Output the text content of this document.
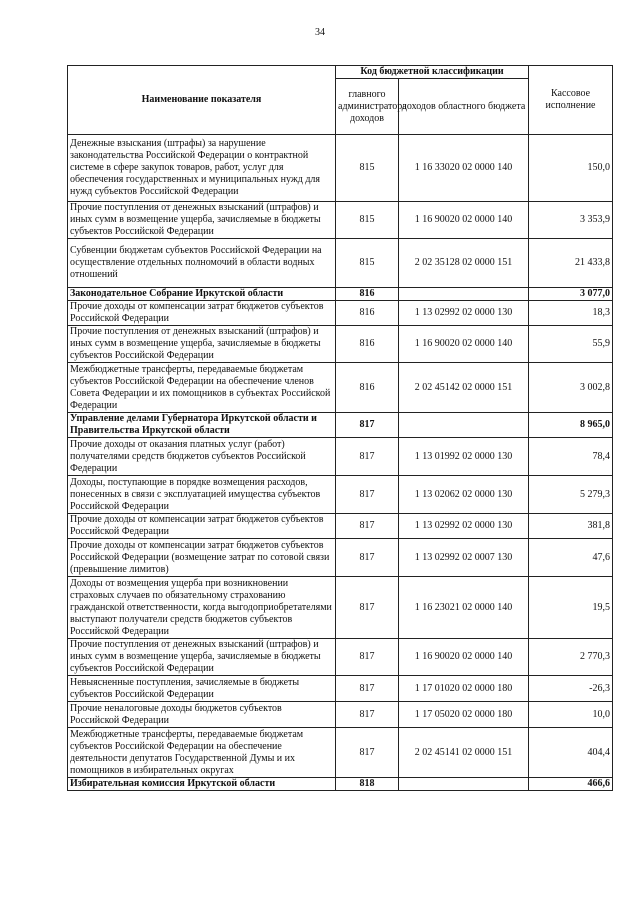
34
Наименование показателя	Код бюджетной классификации		Кассовое исполнение
	главного администратора доходов	доходов областного бюджета	
Денежные взыскания (штрафы) за нарушение законодательства Российской Федерации о контрактной системе в сфере закупок товаров, работ, услуг для обеспечения государственных и муниципальных нужд для нужд субъектов Российской Федерации	815	1 16 33020 02 0000 140	150,0
Прочие поступления от денежных взысканий (штрафов) и иных сумм в возмещение ущерба, зачисляемые в бюджеты субъектов Российской Федерации	815	1 16 90020 02 0000 140	3 353,9
Субвенции бюджетам субъектов Российской Федерации на осуществление отдельных полномочий в области водных отношений	815	2 02 35128 02 0000 151	21 433,8
Законодательное Собрание Иркутской области	816		3 077,0
Прочие доходы от компенсации затрат бюджетов субъектов Российской Федерации	816	1 13 02992 02 0000 130	18,3
Прочие поступления от денежных взысканий (штрафов) и иных сумм в возмещение ущерба, зачисляемые в бюджеты субъектов Российской Федерации	816	1 16 90020 02 0000 140	55,9
Межбюджетные трансферты, передаваемые бюджетам субъектов Российской Федерации на обеспечение членов Совета Федерации и их помощников в субъектах Российской Федерации	816	2 02 45142 02 0000 151	3 002,8
Управление делами Губернатора Иркутской области и Правительства Иркутской области	817		8 965,0
Прочие доходы от оказания платных услуг (работ) получателями средств бюджетов субъектов Российской Федерации	817	1 13 01992 02 0000 130	78,4
Доходы, поступающие в порядке возмещения расходов, понесенных в связи с эксплуатацией имущества субъектов Российской Федерации	817	1 13 02062 02 0000 130	5 279,3
Прочие доходы от компенсации затрат бюджетов субъектов Российской Федерации	817	1 13 02992 02 0000 130	381,8
Прочие доходы от компенсации затрат бюджетов субъектов Российской Федерации (возмещение затрат по сотовой связи (превышение лимитов)	817	1 13 02992 02 0007 130	47,6
Доходы от возмещения ущерба при возникновении страховых случаев по обязательному страхованию гражданской ответственности, когда выгодоприобретателями выступают получатели средств бюджетов субъектов Российской Федерации	817	1 16 23021 02 0000 140	19,5
Прочие поступления от денежных взысканий (штрафов) и иных сумм в возмещение ущерба, зачисляемые в бюджеты субъектов Российской Федерации	817	1 16 90020 02 0000 140	2 770,3
Невыясненные поступления, зачисляемые в бюджеты субъектов Российской Федерации	817	1 17 01020 02 0000 180	-26,3
Прочие неналоговые доходы бюджетов субъектов Российской Федерации	817	1 17 05020 02 0000 180	10,0
Межбюджетные трансферты, передаваемые бюджетам субъектов Российской Федерации на обеспечение деятельности депутатов Государственной Думы и их помощников в избирательных округах	817	2 02 45141 02 0000 151	404,4
Избирательная комиссия Иркутской области	818		466,6
